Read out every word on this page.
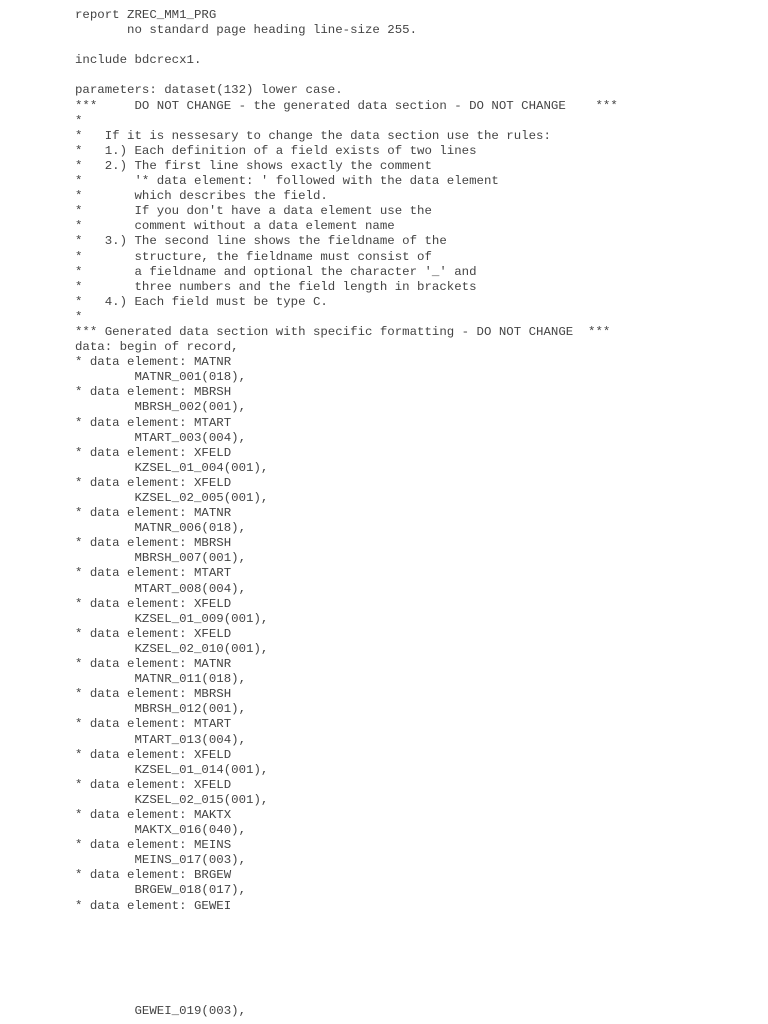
report ZREC_MM1_PRG
no standard page heading line-size 255.
include bdcrecx1.
parameters: dataset(132) lower case.
***     DO NOT CHANGE - the generated data section - DO NOT CHANGE    ***
*
*   If it is nessesary to change the data section use the rules:
*   1.) Each definition of a field exists of two lines
*   2.) The first line shows exactly the comment
*       '* data element: ' followed with the data element
*       which describes the field.
*       If you don't have a data element use the
*       comment without a data element name
*   3.) The second line shows the fieldname of the
*       structure, the fieldname must consist of
*       a fieldname and optional the character '_' and
*       three numbers and the field length in brackets
*   4.) Each field must be type C.
*
*** Generated data section with specific formatting - DO NOT CHANGE  ***
data: begin of record,
* data element: MATNR
MATNR_001(018),
* data element: MBRSH
MBRSH_002(001),
* data element: MTART
MTART_003(004),
* data element: XFELD
KZSEL_01_004(001),
* data element: XFELD
KZSEL_02_005(001),
* data element: MATNR
MATNR_006(018),
* data element: MBRSH
MBRSH_007(001),
* data element: MTART
MTART_008(004),
* data element: XFELD
KZSEL_01_009(001),
* data element: XFELD
KZSEL_02_010(001),
* data element: MATNR
MATNR_011(018),
* data element: MBRSH
MBRSH_012(001),
* data element: MTART
MTART_013(004),
* data element: XFELD
KZSEL_01_014(001),
* data element: XFELD
KZSEL_02_015(001),
* data element: MAKTX
MAKTX_016(040),
* data element: MEINS
MEINS_017(003),
* data element: BRGEW
BRGEW_018(017),
* data element: GEWEI
GEWEI_019(003),
